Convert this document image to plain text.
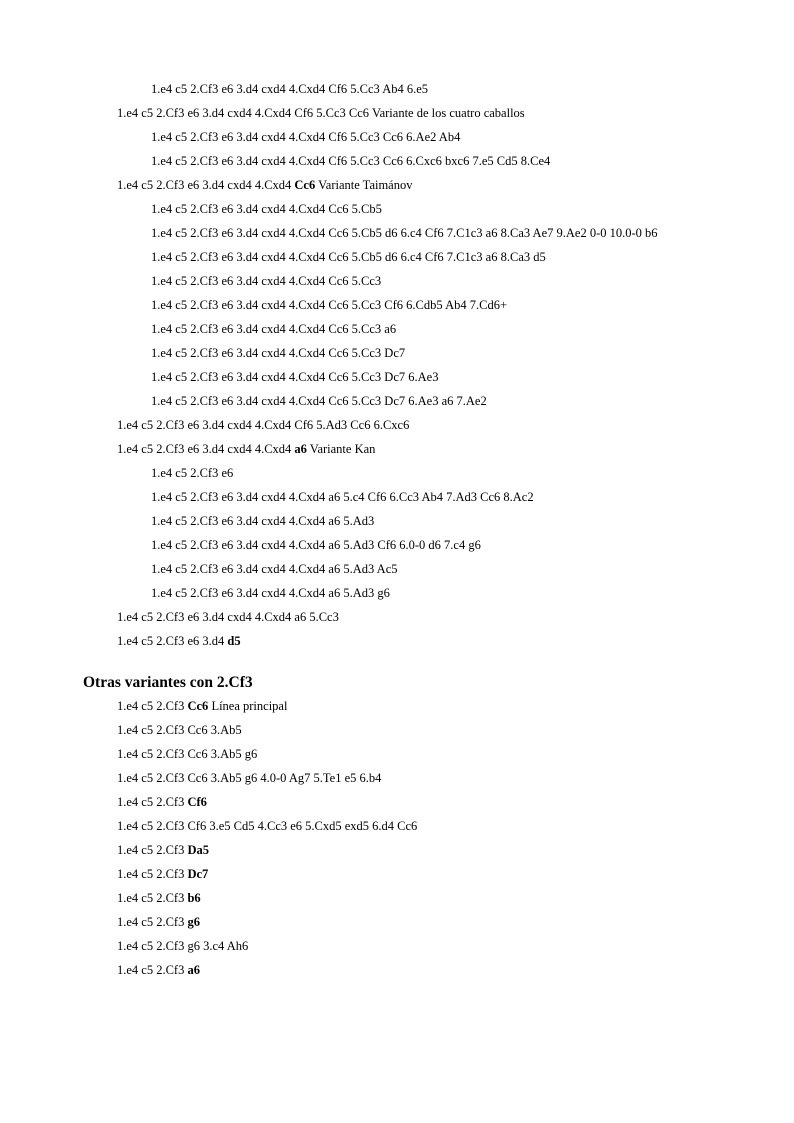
1.e4 c5 2.Cf3 e6 3.d4 cxd4 4.Cxd4 Cf6 5.Cc3 Ab4 6.e5
1.e4 c5 2.Cf3 e6 3.d4 cxd4 4.Cxd4 Cf6 5.Cc3 Cc6 Variante de los cuatro caballos
1.e4 c5 2.Cf3 e6 3.d4 cxd4 4.Cxd4 Cf6 5.Cc3 Cc6 6.Ae2 Ab4
1.e4 c5 2.Cf3 e6 3.d4 cxd4 4.Cxd4 Cf6 5.Cc3 Cc6 6.Cxc6 bxc6 7.e5 Cd5 8.Ce4
1.e4 c5 2.Cf3 e6 3.d4 cxd4 4.Cxd4 Cc6 Variante Taimánov
1.e4 c5 2.Cf3 e6 3.d4 cxd4 4.Cxd4 Cc6 5.Cb5
1.e4 c5 2.Cf3 e6 3.d4 cxd4 4.Cxd4 Cc6 5.Cb5 d6 6.c4 Cf6 7.C1c3 a6 8.Ca3 Ae7 9.Ae2 0-0 10.0-0 b6
1.e4 c5 2.Cf3 e6 3.d4 cxd4 4.Cxd4 Cc6 5.Cb5 d6 6.c4 Cf6 7.C1c3 a6 8.Ca3 d5
1.e4 c5 2.Cf3 e6 3.d4 cxd4 4.Cxd4 Cc6 5.Cc3
1.e4 c5 2.Cf3 e6 3.d4 cxd4 4.Cxd4 Cc6 5.Cc3 Cf6 6.Cdb5 Ab4 7.Cd6+
1.e4 c5 2.Cf3 e6 3.d4 cxd4 4.Cxd4 Cc6 5.Cc3 a6
1.e4 c5 2.Cf3 e6 3.d4 cxd4 4.Cxd4 Cc6 5.Cc3 Dc7
1.e4 c5 2.Cf3 e6 3.d4 cxd4 4.Cxd4 Cc6 5.Cc3 Dc7 6.Ae3
1.e4 c5 2.Cf3 e6 3.d4 cxd4 4.Cxd4 Cc6 5.Cc3 Dc7 6.Ae3 a6 7.Ae2
1.e4 c5 2.Cf3 e6 3.d4 cxd4 4.Cxd4 Cf6 5.Ad3 Cc6 6.Cxc6
1.e4 c5 2.Cf3 e6 3.d4 cxd4 4.Cxd4 a6 Variante Kan
1.e4 c5 2.Cf3 e6
1.e4 c5 2.Cf3 e6 3.d4 cxd4 4.Cxd4 a6 5.c4 Cf6 6.Cc3 Ab4 7.Ad3 Cc6 8.Ac2
1.e4 c5 2.Cf3 e6 3.d4 cxd4 4.Cxd4 a6 5.Ad3
1.e4 c5 2.Cf3 e6 3.d4 cxd4 4.Cxd4 a6 5.Ad3 Cf6 6.0-0 d6 7.c4 g6
1.e4 c5 2.Cf3 e6 3.d4 cxd4 4.Cxd4 a6 5.Ad3 Ac5
1.e4 c5 2.Cf3 e6 3.d4 cxd4 4.Cxd4 a6 5.Ad3 g6
1.e4 c5 2.Cf3 e6 3.d4 cxd4 4.Cxd4 a6 5.Cc3
1.e4 c5 2.Cf3 e6 3.d4 d5
Otras variantes con 2.Cf3
1.e4 c5 2.Cf3 Cc6 Línea principal
1.e4 c5 2.Cf3 Cc6 3.Ab5
1.e4 c5 2.Cf3 Cc6 3.Ab5 g6
1.e4 c5 2.Cf3 Cc6 3.Ab5 g6 4.0-0 Ag7 5.Te1 e5 6.b4
1.e4 c5 2.Cf3 Cf6
1.e4 c5 2.Cf3 Cf6 3.e5 Cd5 4.Cc3 e6 5.Cxd5 exd5 6.d4 Cc6
1.e4 c5 2.Cf3 Da5
1.e4 c5 2.Cf3 Dc7
1.e4 c5 2.Cf3 b6
1.e4 c5 2.Cf3 g6
1.e4 c5 2.Cf3 g6 3.c4 Ah6
1.e4 c5 2.Cf3 a6
